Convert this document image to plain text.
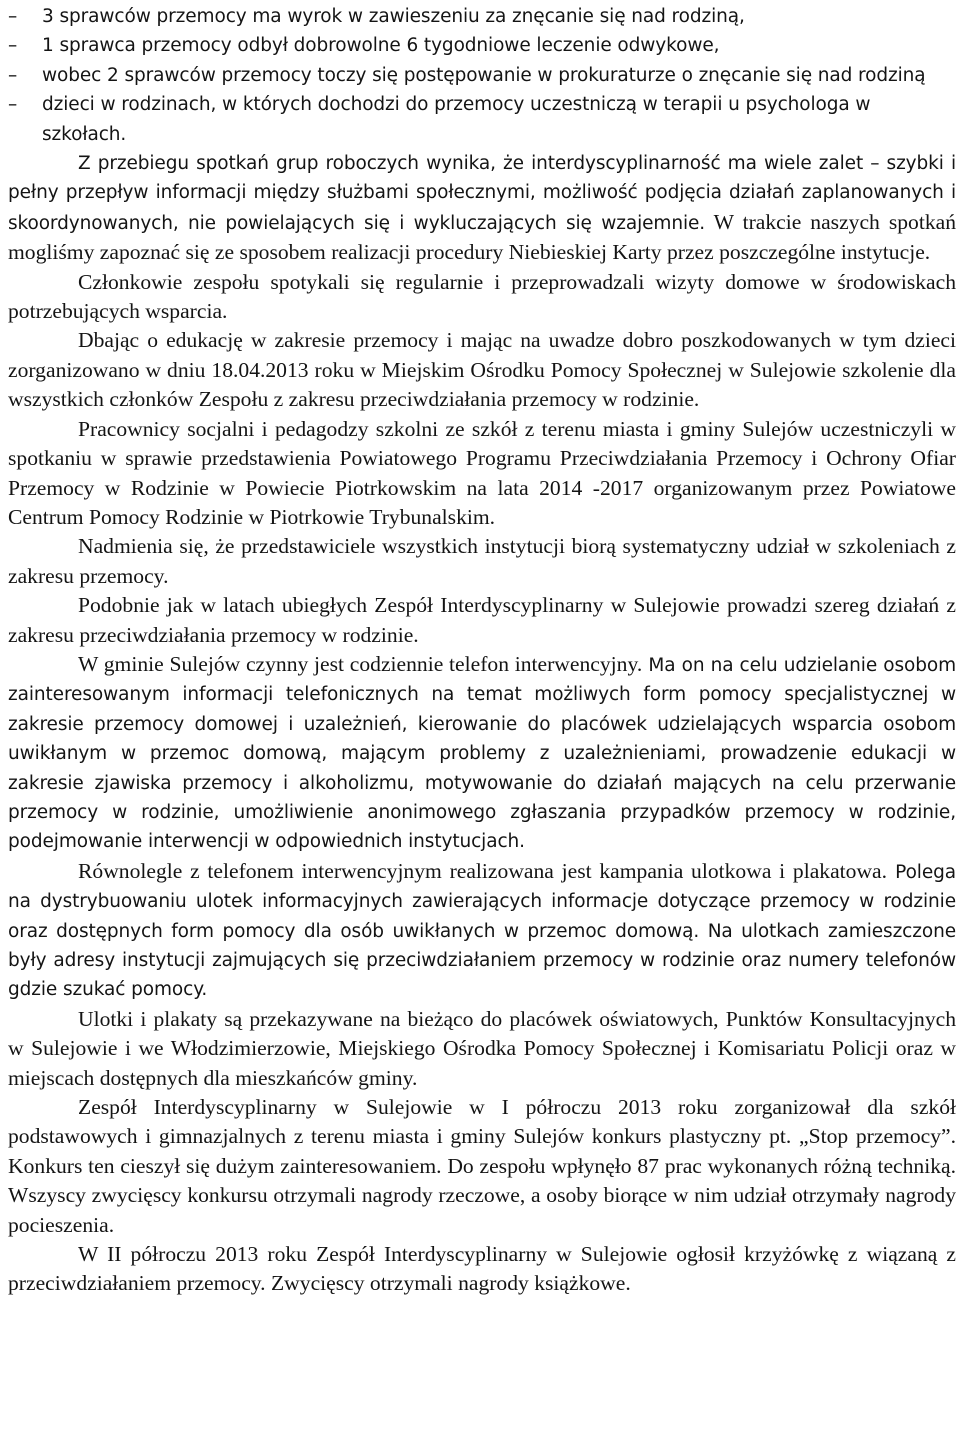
– 3 sprawców przemocy ma wyrok w zawieszeniu za znęcanie się nad rodziną,
– 1 sprawca przemocy odbył dobrowolne 6 tygodniowe leczenie odwykowe,
– wobec 2 sprawców przemocy toczy się postępowanie w prokuraturze o znęcanie się nad rodziną
– dzieci w rodzinach, w których dochodzi do przemocy uczestniczą w terapii u psychologa w szkołach.

Z przebiegu spotkań grup roboczych wynika, że interdyscyplinarność ma wiele zalet – szybki i pełny przepływ informacji między służbami społecznymi, możliwość podjęcia działań zaplanowanych i skoordynowanych, nie powielających się i wykluczających się wzajemnie. W trakcie naszych spotkań mogliśmy zapoznać się ze sposobem realizacji procedury Niebieskiej Karty przez poszczególne instytucje.

Członkowie zespołu spotykali się regularnie i przeprowadzali wizyty domowe w środowiskach potrzebujących wsparcia.

Dbając o edukację w zakresie przemocy i mając na uwadze dobro poszkodowanych w tym dzieci zorganizowano w dniu 18.04.2013 roku w Miejskim Ośrodku Pomocy Społecznej w Sulejowie szkolenie dla wszystkich członków Zespołu z zakresu przeciwdziałania przemocy w rodzinie.

Pracownicy socjalni i pedagodzy szkolni ze szkół z terenu miasta i gminy Sulejów uczestniczyli w spotkaniu w sprawie przedstawienia Powiatowego Programu Przeciwdziałania Przemocy i Ochrony Ofiar Przemocy w Rodzinie w Powiecie Piotrkowskim na lata 2014 -2017 organizowanym przez Powiatowe Centrum Pomocy Rodzinie w Piotrkowie Trybunalskim.

Nadmienia się, że przedstawiciele wszystkich instytucji biorą systematyczny udział w szkoleniach z zakresu przemocy.

Podobnie jak w latach ubiegłych Zespół Interdyscyplinarny w Sulejowie prowadzi szereg działań z zakresu przeciwdziałania przemocy w rodzinie.

W gminie Sulejów czynny jest codziennie telefon interwencyjny. Ma on na celu udzielanie osobom zainteresowanym informacji telefonicznych na temat możliwych form pomocy specjalistycznej w zakresie przemocy domowej i uzależnień, kierowanie do placówek udzielających wsparcia osobom uwikłanym w przemoc domową, mającym problemy z uzależnieniami, prowadzenie edukacji w zakresie zjawiska przemocy i alkoholizmu, motywowanie do działań mających na celu przerwanie przemocy w rodzinie, umożliwienie anonimowego zgłaszania przypadków przemocy w rodzinie, podejmowanie interwencji w odpowiednich instytucjach.

Równolegle z telefonem interwencyjnym realizowana jest kampania ulotkowa i plakatowa. Polega na dystrybuowaniu ulotek informacyjnych zawierających informacje dotyczące przemocy w rodzinie oraz dostępnych form pomocy dla osób uwikłanych w przemoc domową. Na ulotkach zamieszczone były adresy instytucji zajmujących się przeciwdziałaniem przemocy w rodzinie oraz numery telefonów gdzie szukać pomocy.

Ulotki i plakaty są przekazywane na bieżąco do placówek oświatowych, Punktów Konsultacyjnych w Sulejowie i we Włodzimierzowie, Miejskiego Ośrodka Pomocy Społecznej i Komisariatu Policji oraz w miejscach dostępnych dla mieszkańców gminy.

Zespół Interdyscyplinarny w Sulejowie w I półroczu 2013 roku zorganizował dla szkół podstawowych i gimnazjalnych z terenu miasta i gminy Sulejów konkurs plastyczny pt. „Stop przemocy”. Konkurs ten cieszył się dużym zainteresowaniem. Do zespołu wpłynęło 87 prac wykonanych różną techniką. Wszyscy zwycięscy konkursu otrzymali nagrody rzeczowe, a osoby biorące w nim udział otrzymały nagrody pocieszenia.

W II półroczu 2013 roku Zespół Interdyscyplinarny w Sulejowie ogłosił krzyżówkę z wiązaną z przeciwdziałaniem przemocy. Zwycięscy otrzymali nagrody książkowe.
